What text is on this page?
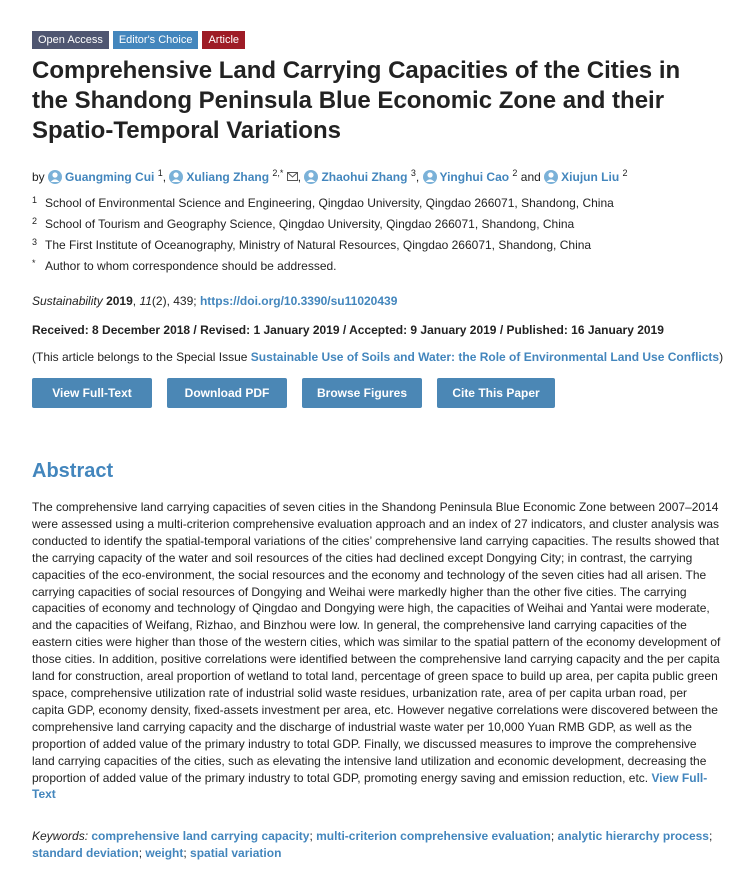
Open Access	Editor's Choice	Article
Comprehensive Land Carrying Capacities of the Cities in the Shandong Peninsula Blue Economic Zone and their Spatio-Temporal Variations
by Guangming Cui $^1$, Xuliang Zhang $^{2,*}$ , Zhaohui Zhang $^3$, Yinghui Cao $^2$ and Xiujun Liu $^2$
1 School of Environmental Science and Engineering, Qingdao University, Qingdao 266071, Shandong, China
2 School of Tourism and Geography Science, Qingdao University, Qingdao 266071, Shandong, China
3 The First Institute of Oceanography, Ministry of Natural Resources, Qingdao 266071, Shandong, China
* Author to whom correspondence should be addressed.
Sustainability 2019, 11(2), 439; https://doi.org/10.3390/su11020439
Received: 8 December 2018 / Revised: 1 January 2019 / Accepted: 9 January 2019 / Published: 16 January 2019
(This article belongs to the Special Issue Sustainable Use of Soils and Water: the Role of Environmental Land Use Conflicts)
View Full-Text	Download PDF	Browse Figures	Cite This Paper
Abstract

The comprehensive land carrying capacities of seven cities in the Shandong Peninsula Blue Economic Zone between 2007–2014 were assessed using a multi-criterion comprehensive evaluation approach and an index of 27 indicators, and cluster analysis was conducted to identify the spatial-temporal variations of the cities’ comprehensive land carrying capacities. The results showed that the carrying capacity of the water and soil resources of the cities had declined except Dongying City; in contrast, the carrying capacities of the eco-environment, the social resources and the economy and technology of the seven cities had all arisen. The carrying capacities of social resources of Dongying and Weihai were markedly higher than the other five cities. The carrying capacities of economy and technology of Qingdao and Dongying were high, the capacities of Weihai and Yantai were moderate, and the capacities of Weifang, Rizhao, and Binzhou were low. In general, the comprehensive land carrying capacities of the eastern cities were higher than those of the western cities, which was similar to the spatial pattern of the economy development of those cities. In addition, positive correlations were identified between the comprehensive land carrying capacity and the per capita land for construction, areal proportion of wetland to total land, percentage of green space to build up area, per capita public green space, comprehensive utilization rate of industrial solid waste residues, urbanization rate, area of per capita urban road, per capita GDP, economy density, fixed-assets investment per area, etc. However negative correlations were discovered between the comprehensive land carrying capacity and the discharge of industrial waste water per 10,000 Yuan RMB GDP, as well as the proportion of added value of the primary industry to total GDP. Finally, we discussed measures to improve the comprehensive land carrying capacities of the cities, such as elevating the intensive land utilization and economic development, decreasing the proportion of added value of the primary industry to total GDP, promoting energy saving and emission reduction, etc. View Full-Text

Keywords: comprehensive land carrying capacity; multi-criterion comprehensive evaluation; analytic hierarchy process; standard deviation; weight; spatial variation
